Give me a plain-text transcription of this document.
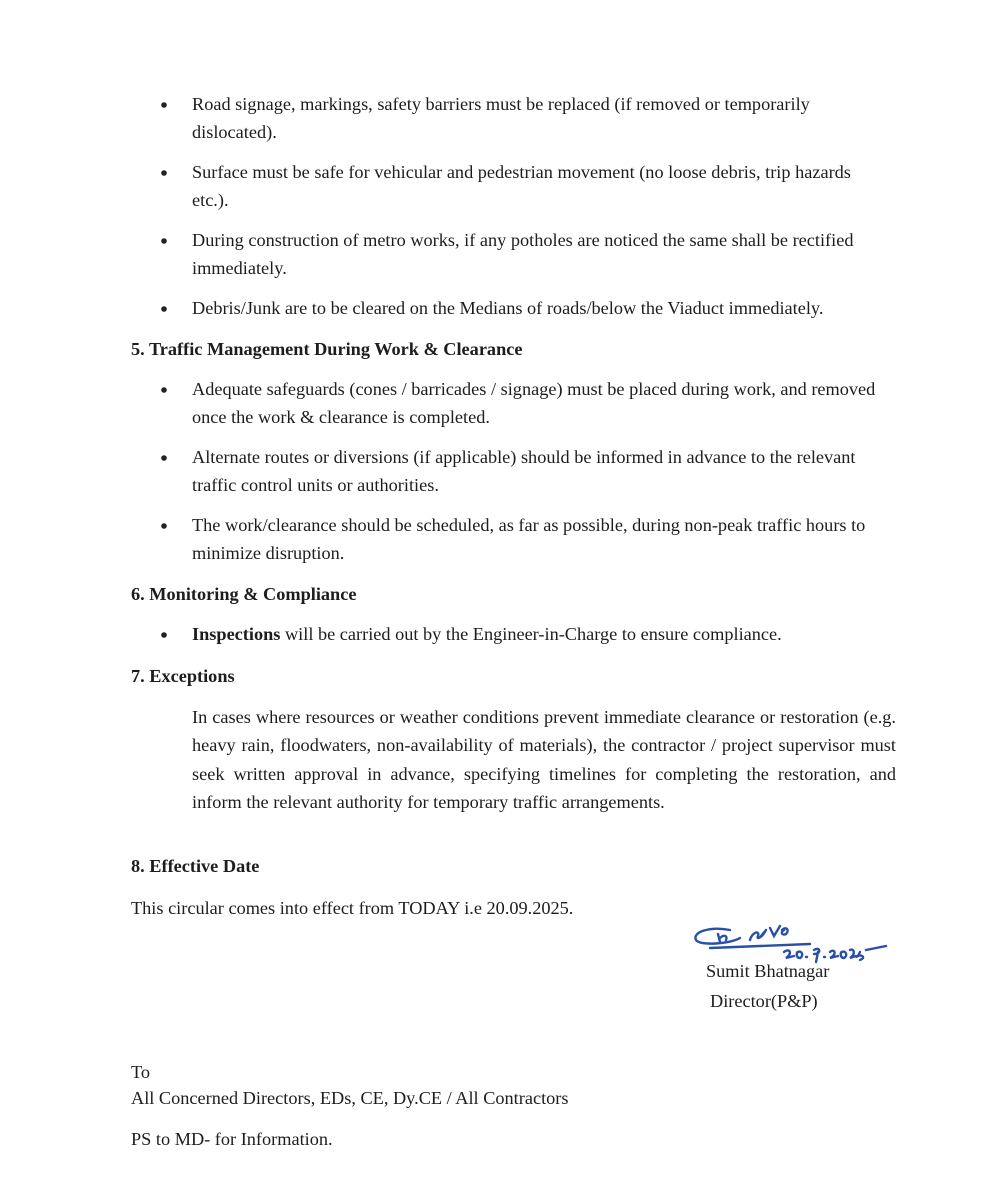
Road signage, markings, safety barriers must be replaced (if removed or temporarily dislocated).
Surface must be safe for vehicular and pedestrian movement (no loose debris, trip hazards etc.).
During construction of metro works, if any potholes are noticed the same shall be rectified immediately.
Debris/Junk are to be cleared on the Medians of roads/below the Viaduct immediately.
5. Traffic Management During Work & Clearance
Adequate safeguards (cones / barricades / signage) must be placed during work, and removed once the work & clearance is completed.
Alternate routes or diversions (if applicable) should be informed in advance to the relevant traffic control units or authorities.
The work/clearance should be scheduled, as far as possible, during non-peak traffic hours to minimize disruption.
6. Monitoring & Compliance
Inspections will be carried out by the Engineer-in-Charge to ensure compliance.
7. Exceptions
In cases where resources or weather conditions prevent immediate clearance or restoration (e.g. heavy rain, floodwaters, non-availability of materials), the contractor / project supervisor must seek written approval in advance, specifying timelines for completing the restoration, and inform the relevant authority for temporary traffic arrangements.
8. Effective Date
This circular comes into effect from TODAY i.e 20.09.2025.
Sumit Bhatnagar
Director(P&P)
To
All Concerned Directors, EDs, CE, Dy.CE / All Contractors
PS to MD- for Information.
